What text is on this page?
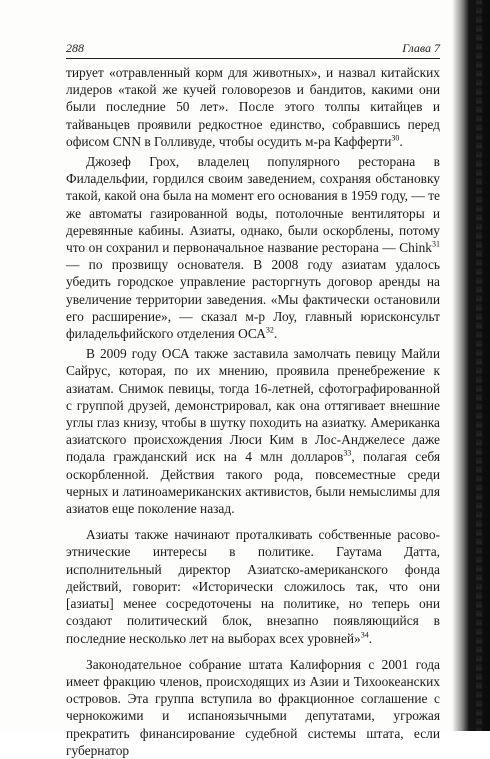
288	Глава 7

тирует «отравленный корм для животных», и назвал китайских лидеров «такой же кучей головорезов и бандитов, какими они были последние 50 лет». После этого толпы китайцев и тайваньцев проявили редкостное единство, собравшись перед офисом CNN в Голливуде, чтобы осудить м-ра Кафферти$^{30}$.

Джозеф Грох, владелец популярного ресторана в Филадельфии, гордился своим заведением, сохраняя обстановку такой, какой она была на момент его основания в 1959 году, — те же автоматы газированной воды, потолочные вентиляторы и деревянные кабины. Азиаты, однако, были оскорблены, потому что он сохранил и первоначальное название ресторана — Chink$^{31}$ — по прозвищу основателя. В 2008 году азиатам удалось убедить городское управление расторгнуть договор аренды на увеличение территории заведения. «Мы фактически остановили его расширение», — сказал м-р Лоу, главный юрисконсульт филадельфийского отделения ОСА$^{32}$.

В 2009 году ОСА также заставила замолчать певицу Майли Сайрус, которая, по их мнению, проявила пренебрежение к азиатам. Снимок певицы, тогда 16-летней, сфотографированной с группой друзей, демонстрировал, как она оттягивает внешние углы глаз книзу, чтобы в шутку походить на азиатку. Американка азиатского происхождения Люси Ким в Лос-Анджелесе даже подала гражданский иск на 4 млн долларов$^{33}$, полагая себя оскорбленной. Действия такого рода, повсеместные среди черных и латиноамериканских активистов, были немыслимы для азиатов еще поколение назад.

Азиаты также начинают проталкивать собственные расово-этнические интересы в политике. Гаутама Датта, исполнительный директор Азиатско-американского фонда действий, говорит: «Исторически сложилось так, что они [азиаты] менее сосредоточены на политике, но теперь они создают политический блок, внезапно появляющийся в последние несколько лет на выборах всех уровней»$^{34}$.

Законодательное собрание штата Калифорния с 2001 года имеет фракцию членов, происходящих из Азии и Тихоокеанских островов. Эта группа вступила во фракционное соглашение с чернокожими и испаноязычными депутатами, угрожая прекратить финансирование судебной системы штата, если губернатор
